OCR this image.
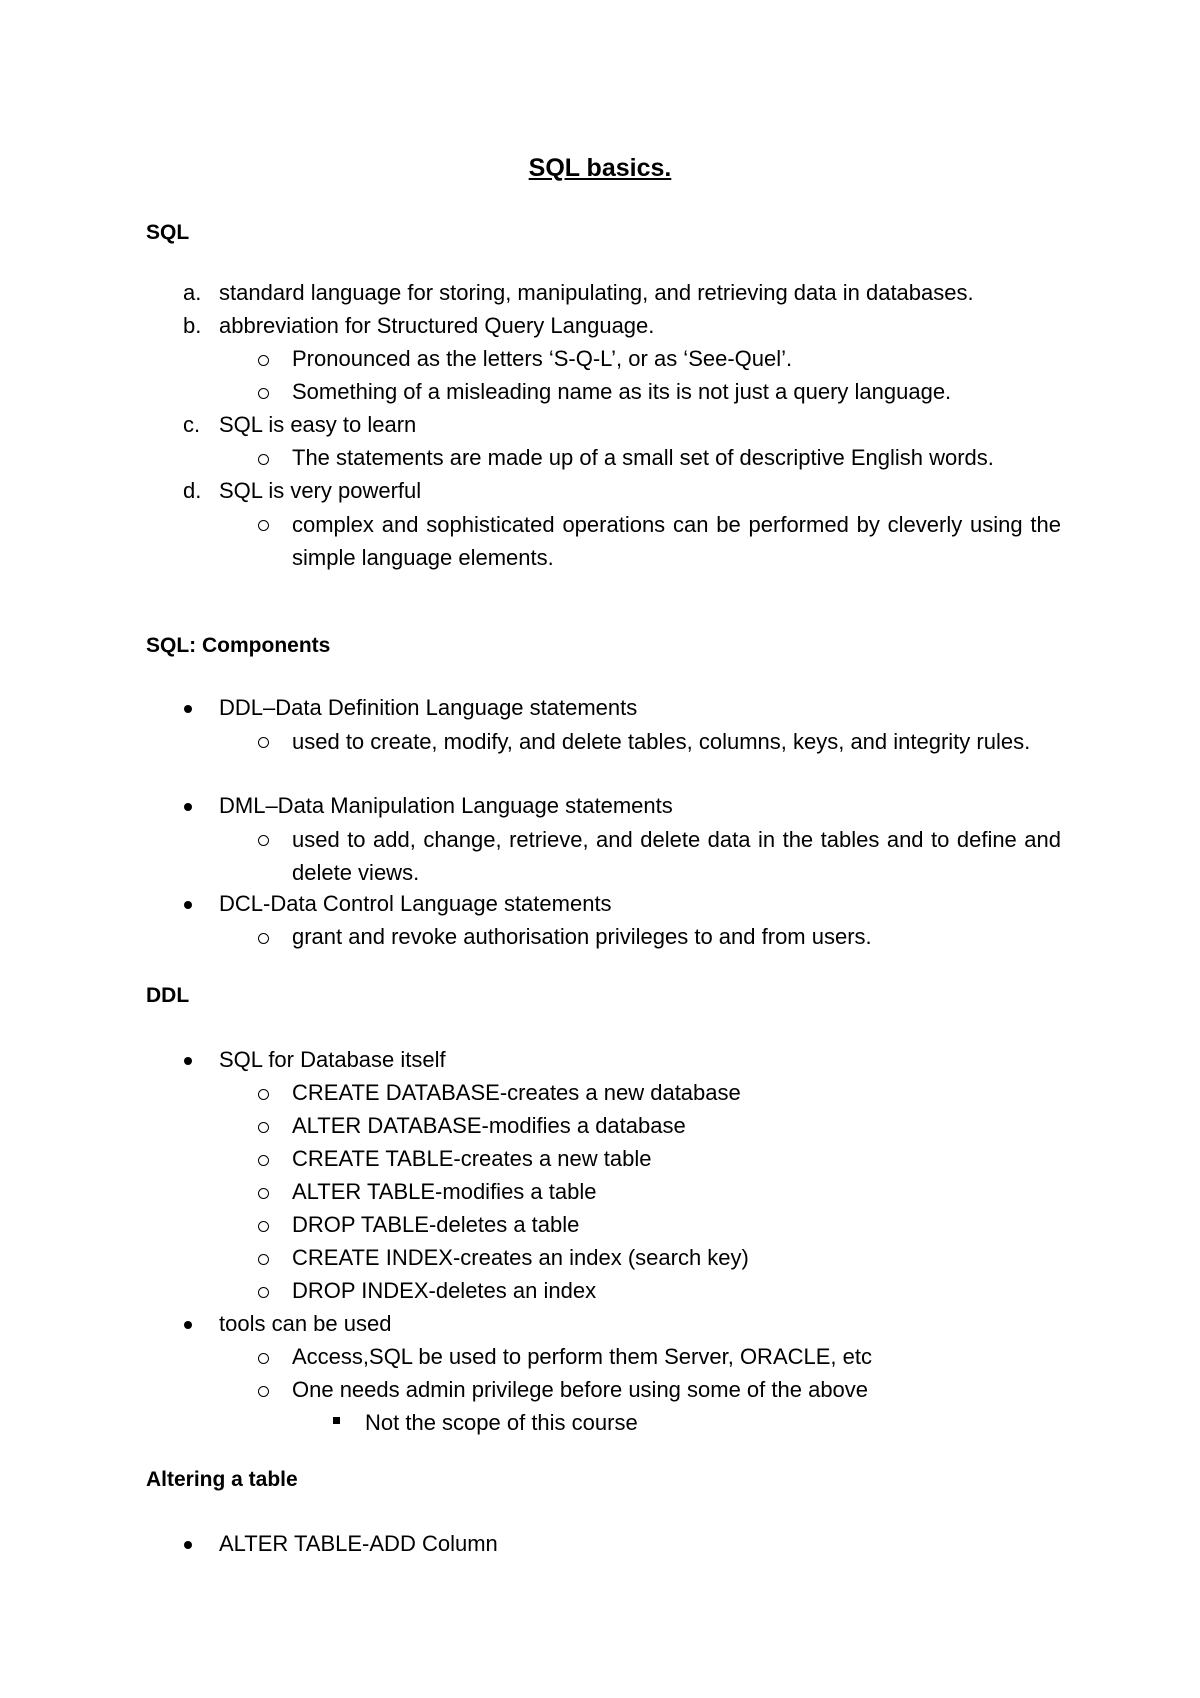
SQL basics.
SQL
a. standard language for storing, manipulating, and retrieving data in databases.
b. abbreviation for Structured Query Language.
Pronounced as the letters ‘S-Q-L’, or as ‘See-Quel’.
Something of a misleading name as its is not just a query language.
c. SQL is easy to learn
The statements are made up of a small set of descriptive English words.
d. SQL is very powerful
complex and sophisticated operations can be performed by cleverly using the simple language elements.
SQL: Components
DDL–Data Definition Language statements
used to create, modify, and delete tables, columns, keys, and integrity rules.
DML–Data Manipulation Language statements
used to add, change, retrieve, and delete data in the tables and to define and delete views.
DCL-Data Control Language statements
grant and revoke authorisation privileges to and from users.
DDL
SQL for Database itself
CREATE DATABASE-creates a new database
ALTER DATABASE-modifies a database
CREATE TABLE-creates a new table
ALTER TABLE-modifies a table
DROP TABLE-deletes a table
CREATE INDEX-creates an index (search key)
DROP INDEX-deletes an index
tools can be used
Access,SQL be used to perform them Server, ORACLE, etc
One needs admin privilege before using some of the above
Not the scope of this course
Altering a table
ALTER TABLE-ADD Column
